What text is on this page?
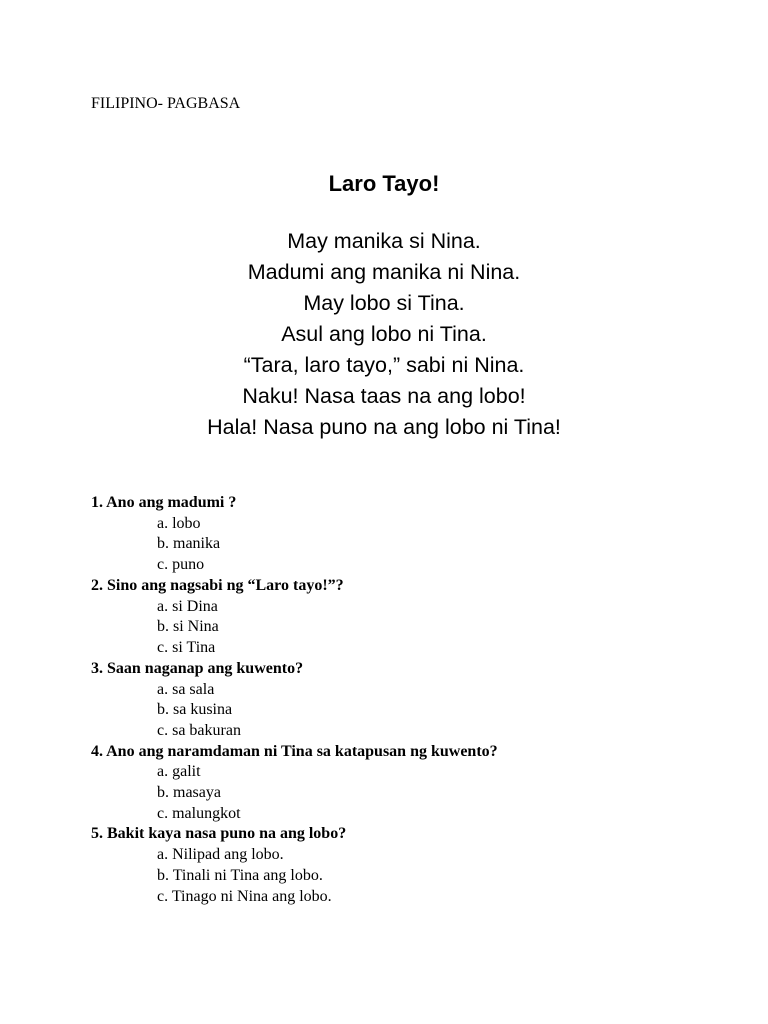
FILIPINO- PAGBASA
Laro Tayo!
May manika si Nina.
Madumi ang manika ni Nina.
May lobo si Tina.
Asul ang lobo ni Tina.
“Tara, laro tayo,” sabi ni Nina.
Naku! Nasa taas na ang lobo!
Hala! Nasa puno na ang lobo ni Tina!
1. Ano ang madumi ?
a. lobo
b. manika
c. puno
2. Sino ang nagsabi ng “Laro tayo!”?
a. si Dina
b. si Nina
c. si Tina
3. Saan naganap ang kuwento?
a. sa sala
b. sa kusina
c. sa bakuran
4. Ano ang naramdaman ni Tina sa katapusan ng kuwento?
a. galit
b. masaya
c. malungkot
5. Bakit kaya nasa puno na ang lobo?
a. Nilipad ang lobo.
b. Tinali ni Tina ang lobo.
c. Tinago ni Nina ang lobo.
